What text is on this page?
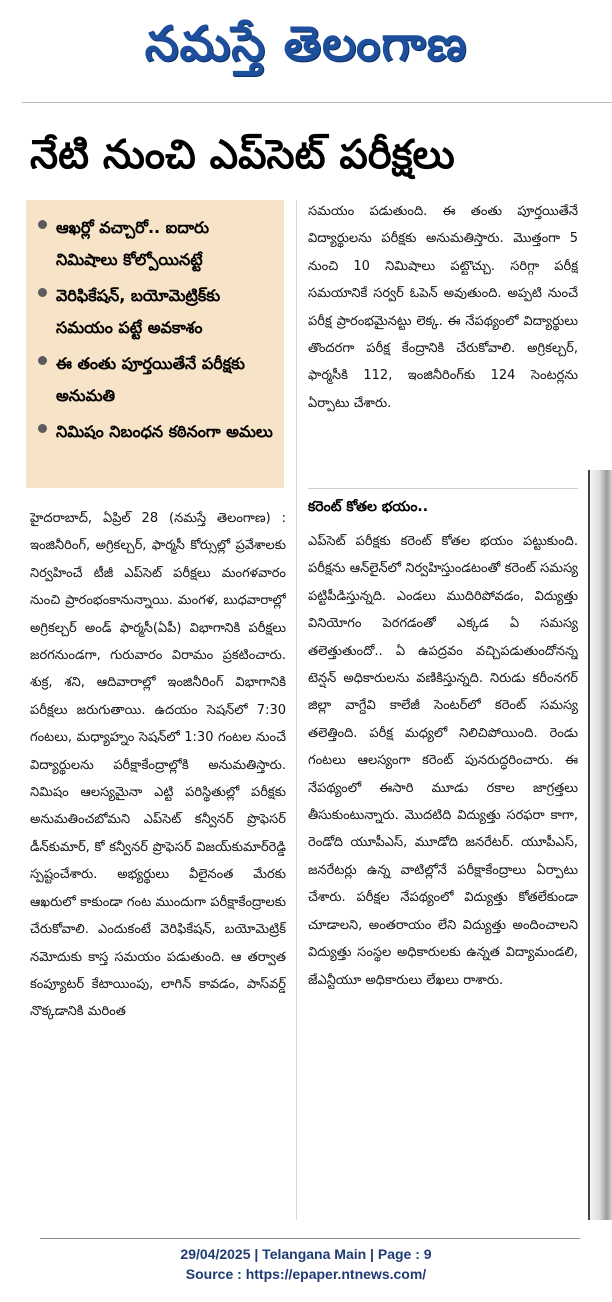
నమస్తే తెలంగాణ
నేటి నుంచి ఎప్‌సెట్ పరీక్షలు
ఆఖర్లో వచ్చారో.. ఐదారు నిమిషాలు కోల్పోయినట్టే
వెరిఫికేషన్, బయోమెట్రిక్‌కు సమయం పట్టే అవకాశం
ఈ తంతు పూర్తయితేనే పరీక్షకు అనుమతి
నిమిషం నిబంధన కఠినంగా అమలు
హైదరాబాద్, ఏప్రిల్ 28 (నమస్తే తెలంగాణ) : ఇంజినీరింగ్, అగ్రికల్చర్, ఫార్మసీ కోర్సుల్లో ప్రవేశాలకు నిర్వహించే టీజీ ఎప్‌సెట్ పరీక్షలు మంగళవారం నుంచి ప్రారంభంకానున్నాయి. మంగళ, బుధవారాల్లో అగ్రికల్చర్ అండ్ ఫార్మసీ(ఏపీ) విభాగానికి పరీక్షలు జరగనుండగా, గురువారం విరామం ప్రకటించారు. శుక్ర, శని, ఆదివారాల్లో ఇంజినీరింగ్ విభాగానికి పరీక్షలు జరుగుతాయి. ఉదయం సెషన్‌లో 7:30 గంటలు, మధ్యాహ్నం సెషన్‌లో 1:30 గంటల నుంచే విద్యార్థులను పరీక్షాకేంద్రాల్లోకి అనుమతిస్తారు. నిమిషం ఆలస్యమైనా ఎట్టి పరిస్థితుల్లో పరీక్షకు అనుమతించబోమని ఎప్‌సెట్ కన్వీనర్ ప్రొఫెసర్ డీన్‌కుమార్, కో కన్వీనర్ ప్రొఫెసర్ విజయ్‌కుమార్‌రెడ్డి స్పష్టంచేశారు. అభ్యర్థులు వీలైనంత మేరకు ఆఖరులో కాకుండా గంట ముందుగా పరీక్షాకేంద్రాలకు చేరుకోవాలి. ఎందుకంటే వెరిఫికేషన్, బయోమెట్రిక్ నమోదుకు కాస్త సమయం పడుతుంది. ఆ తర్వాత కంప్యూటర్ కేటాయింపు, లాగిన్ కావడం, పాస్‌వర్డ్ నొక్కడానికి మరింత
సమయం పడుతుంది. ఈ తంతు పూర్తయితేనే విద్యార్థులను పరీక్షకు అనుమతిస్తారు. మొత్తంగా 5 నుంచి 10 నిమిషాలు పట్టొచ్చు. సరిగ్గా పరీక్ష సమయానికే సర్వర్ ఓపెన్ అవుతుంది. అప్పటి నుంచే పరీక్ష ప్రారంభమైనట్టు లెక్క. ఈ నేపథ్యంలో విద్యార్థులు తొందరగా పరీక్ష కేంద్రానికి చేరుకోవాలి. అగ్రికల్చర్, ఫార్మసీకి 112, ఇంజినీరింగ్‌కు 124 సెంటర్లను ఏర్పాటు చేశారు.
కరెంట్ కోతల భయం..
ఎప్‌సెట్ పరీక్షకు కరెంట్ కోతల భయం పట్టుకుంది. పరీక్షను ఆన్‌లైన్‌లో నిర్వహిస్తుండటంతో కరెంట్ సమస్య పట్టిపీడిస్తున్నది. ఎండలు ముదిరిపోవడం, విద్యుత్తు వినియోగం పెరగడంతో ఎక్కడ ఏ సమస్య తలెత్తుతుందో.. ఏ ఉపద్రవం వచ్చిపడుతుందోనన్న టెన్షన్ అధికారులను వణికిస్తున్నది. నిరుడు కరీంనగర్ జిల్లా వాగ్దేవి కాలేజీ సెంటర్‌లో కరెంట్ సమస్య తలెత్తింది. పరీక్ష మధ్యలో నిలిచిపోయింది. రెండు గంటలు ఆలస్యంగా కరెంట్ పునరుద్ధరించారు. ఈ నేపథ్యంలో ఈసారి మూడు రకాల జాగ్రత్తలు తీసుకుంటున్నారు. మొదటిది విద్యుత్తు సరఫరా కాగా, రెండోది యూపీఎస్, మూడోది జనరేటర్. యూపీఎస్, జనరేటర్లు ఉన్న వాటిల్లోనే పరీక్షాకేంద్రాలు ఏర్పాటు చేశారు. పరీక్షల నేపథ్యంలో విద్యుత్తు కోతలేకుండా చూడాలని, అంతరాయం లేని విద్యుత్తు అందించాలని విద్యుత్తు సంస్థల అధికారులకు ఉన్నత విద్యామండలి, జేఎన్టీయూ అధికారులు లేఖలు రాశారు.
29/04/2025 | Telangana Main | Page : 9
Source : https://epaper.ntnews.com/
